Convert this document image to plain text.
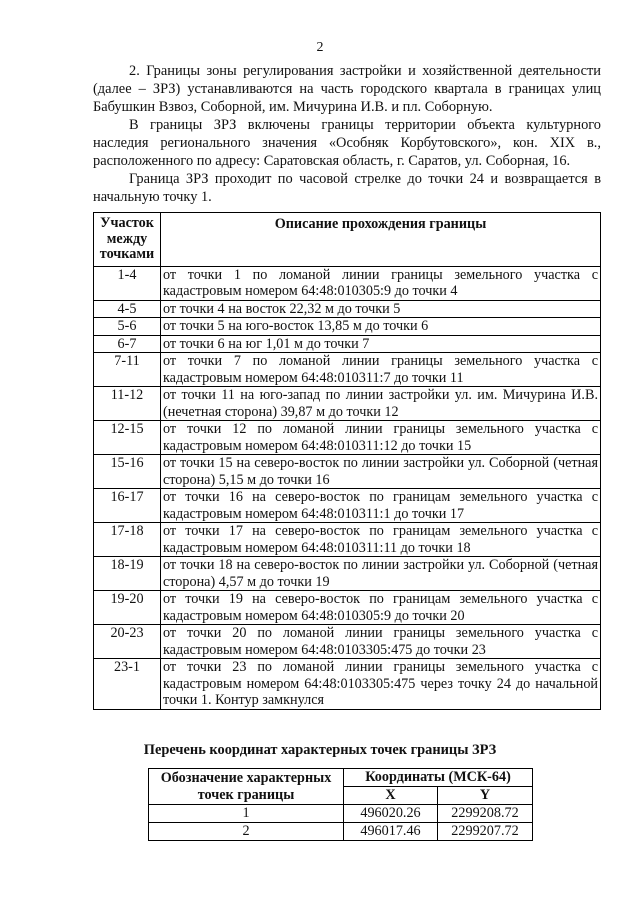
2

2. Границы зоны регулирования застройки и хозяйственной деятельности (далее – ЗРЗ) устанавливаются на часть городского квартала в границах улиц Бабушкин Взвоз, Соборной, им. Мичурина И.В. и пл. Соборную.

В границы ЗРЗ включены границы территории объекта культурного наследия регионального значения «Особняк Корбутовского», кон. XIX в., расположенного по адресу: Саратовская область, г. Саратов, ул. Соборная, 16.

Граница ЗРЗ проходит по часовой стрелке до точки 24 и возвращается в начальную точку 1.

Участок между точками	Описание прохождения границы
1-4	от точки 1 по ломаной линии границы земельного участка с кадастровым номером 64:48:010305:9 до точки 4
4-5	от точки 4 на восток 22,32 м до точки 5
5-6	от точки 5 на юго-восток 13,85 м до точки 6
6-7	от точки 6 на юг 1,01 м до точки 7
7-11	от точки 7 по ломаной линии границы земельного участка с кадастровым номером 64:48:010311:7 до точки 11
11-12	от точки 11 на юго-запад по линии застройки ул. им. Мичурина И.В. (нечетная сторона) 39,87 м до точки 12
12-15	от точки 12 по ломаной линии границы земельного участка с кадастровым номером 64:48:010311:12 до точки 15
15-16	от точки 15 на северо-восток по линии застройки ул. Соборной (четная сторона) 5,15 м до точки 16
16-17	от точки 16 на северо-восток по границам земельного участка с кадастровым номером 64:48:010311:1 до точки 17
17-18	от точки 17 на северо-восток по границам земельного участка с кадастровым номером 64:48:010311:11 до точки 18
18-19	от точки 18 на северо-восток по линии застройки ул. Соборной (четная сторона) 4,57 м до точки 19
19-20	от точки 19 на северо-восток по границам земельного участка с кадастровым номером 64:48:010305:9 до точки 20
20-23	от точки 20 по ломаной линии границы земельного участка с кадастровым номером 64:48:0103305:475 до точки 23
23-1	от точки 23 по ломаной линии границы земельного участка с кадастровым номером 64:48:0103305:475 через точку 24 до начальной точки 1. Контур замкнулся
Перечень координат характерных точек границы ЗРЗ
Обозначение характерных точек границы	Координаты (МСК-64)	
	X	Y
1	496020.26	2299208.72
2	496017.46	2299207.72
